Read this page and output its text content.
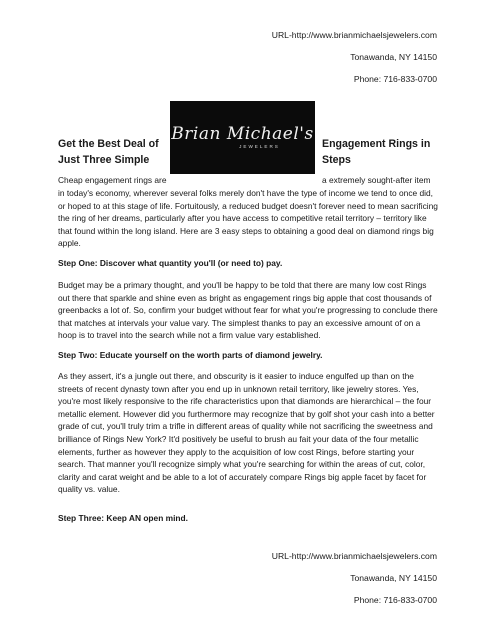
URL-http://www.brianmichaelsjewelers.com
Tonawanda, NY 14150
Phone: 716-833-0700
Get the Best Deal of
Just Three Simple
Engagement Rings in
Steps
Brian Michael's
JEWELERS
Cheap engagement rings are	a extremely sought-after item

in today's economy, wherever several folks merely don't have the type of income we tend to once did, or hoped to at this stage of life. Fortuitously, a reduced budget doesn't forever need to mean sacrificing the ring of her dreams, particularly after you have access to competitive retail territory – territory like that found within the long island. Here are 3 easy steps to obtaining a good deal on diamond rings big apple.

Step One: Discover what quantity you'll (or need to) pay.

Budget may be a primary thought, and you'll be happy to be told that there are many low cost Rings out there that sparkle and shine even as bright as engagement rings big apple that cost thousands of greenbacks a lot of. So, confirm your budget without fear for what you're progressing to conclude there that matches at intervals your value vary. The simplest thanks to pay an excessive amount of on a hoop is to travel into the search while not a firm value vary established.

Step Two: Educate yourself on the worth parts of diamond jewelry.

As they assert, it's a jungle out there, and obscurity is it easier to induce engulfed up than on the streets of recent dynasty town after you end up in unknown retail territory, like jewelry stores. Yes, you're most likely responsive to the rife characteristics upon that diamonds are hierarchical – the four metallic element. However did you furthermore may recognize that by golf shot your cash into a better grade of cut, you'll truly trim a trifle in different areas of quality while not sacrificing the sweetness and brilliance of Rings New York? It'd positively be useful to brush au fait your data of the four metallic elements, further as however they apply to the acquisition of low cost Rings, before starting your search. That manner you'll recognize simply what you're searching for within the areas of cut, color, clarity and carat weight and be able to a lot of accurately compare Rings big apple facet by facet for quality vs. value.

Step Three: Keep AN open mind.
URL-http://www.brianmichaelsjewelers.com
Tonawanda, NY 14150
Phone: 716-833-0700
